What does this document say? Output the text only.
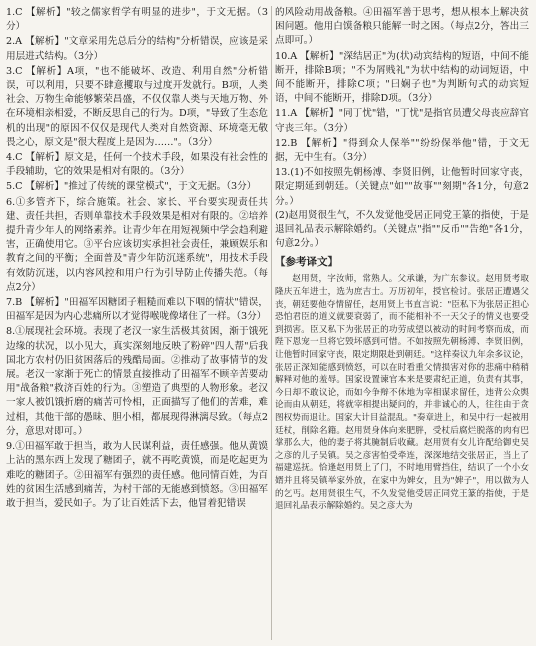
1.C 【解析】"较之儒家哲学有明显的进步"，于文无据。（3分）

2.A 【解析】"文章采用先总后分的结构"分析错误，应该是采用层进式结构。（3分）

3.C 【解析】A项，"也不能破坏、改造、利用自然"分析错误，可以利用，只要不肆意攫取与过度开发就行。B项，人类社会、万物生命能够繁荣昌盛，不仅仅靠人类与天地万物、外在环境相亲相爱，不断反思自己的行为。D项，"导致了生态危机的出现"的原因不仅仅是现代人类对自然资源、环境毫无敬畏之心，原文是"很大程度上是因为……"。（3分）

4.C 【解析】原文是，任何一个技术手段，如果没有社会性的手段辅助，它的效果是相对有限的。（3分）

5.C 【解析】"推过了传统的课堂模式"，于文无据。（3分）

6.①多管齐下，综合施策。社会、家长、平台要实现责任共建、责任共担，否则单靠技术手段效果是相对有限的。②培养提升青少年人的网络素养。让青少年在用短视频中学会趋利避害，正确使用它。③平台应该切实承担社会责任，兼顾娱乐和教育之间的平衡；全面普及"青少年防沉迷系统"，用技术手段有效防沉迷，以内容风控和用户行为引导防止传播失范。（每点2分）

7.B 【解析】"田福军因糖团子粗糙而难以下咽的情状"错误，田福军是因为内心悲痛所以才觉得喉咙像堵住了一样。（3分）

8.①展现社会环境。表现了老汉一家生活极其贫困，渐于饿死边缘的状况，以小见大，真实深刻地反映了粉碎"四人帮"后我国北方农村仍旧贫困落后的残酷局面。②推动了故事情节的发展。老汉一家渐于死亡的情景直接推动了田福军不顾辛苦要动用"战备粮"救济百姓的行为。③塑造了典型的人物形象。老汉一家人被饥饿折磨的痛苦可怜相，正面描写了他们的苦难，难过相，其他干部的愚昧、胆小相，都展现得淋漓尽致。（每点2分，意思对即可。）

9.①田福军敢于担当，敢为人民谋利益，责任感强。他从黄馍上沾的黑东西上发现了糖团子，就不再吃黄馍，而是吃起更为难吃的糖团子。②田福军有强烈的责任感。他同情百姓，为百姓的贫困生活感到痛苦，为村干部的无能感到愤怒。③田福军敢于担当，爱民如子。为了让百姓活下去，他冒着犯错误

的风险动用战备粮。④田福军善于思考，想从根本上解决贫困问题。他用白馍备粮只能解一时之困。（每点2分，答出三点即可。）

10.A 【解析】"深结居正"为(状)动宾结构的短语，中间不能断开，排除B项；"不为屑贱礼"为状中结构的动词短语，中间不能断开，排除C项；"曰娴子也"为判断句式的动宾短语，中间不能断开，排除D项。（3分）

11.A 【解析】"同丁忧"错，"丁忧"是指官员遭父母丧应辞官守丧三年。（3分）

12.B 【解析】"得到众人保举""纷纷保举他"错，于文无据，无中生有。（3分）

13.(1)不如按照先朝杨溥、李贤旧例，让他暂时回家守丧，限定期延到朝廷。（关键点"如""故事""刻期"各1分，句意2分。）

(2)赵用贤很生气，不久发觉他受居正同党王篆的指使，于是退回礼品表示解除婚约。（关键点"指""反币""告绝"各1分，句意2分。）

【参考译文】

赵用贤，字汝师，常熟人。父承谦，为广东参议。赵用贤考取隆庆五年进士，选为庶吉士。万历初年，授官检讨。张居正遭遇父丧，朝廷要他夺情留任，赵用贤上书直言说："臣私下为张居正担心恐怕君臣的道义就要衰弱了，而不能相补不一天父子的情义也要受到损害。臣又私下为张居正的功劳成望以被动的时间考察而成，而陛下恩宠一旦将它毁坏感到可惜。不如按照先朝杨溥、李贤旧例，让他暂时回家守丧，限定期限赴到朝廷。"这样奏议九年余多议论，张居正深知能感到愤怒，可以在时看重父情损害对你的悲痛中稍稍解释对他的羞辱。国家设置谏官本来是要肃纪正道，负责有其事，今日却不敢议论，而如今争辩不休地为宰相谋求留任，违背公众舆论而由从朝廷，将就宰相提出疑问的，并非诚心的人，往往由于贪图权势而退让。国家大计目益混乱。"奏章进上，和吴中行一起被用廷杖，削除名籍。赵用贤身体向来肥胖，受杖后腐烂脱落的肉有巴掌那么大，他的妻子将其腌制后收藏。赵用贤有女儿许配给御史吴之彦的儿子吴镇。吴之彦害怕受牵连，深深地结交张居正，当上了福建巡抚。恰逢赵用贤上了门，不时地用臂挡住，结识了一个小女婿并且将吴镇举家外放，在家中为婢女，且为"婢子"，用以做为人的乞丐。赵用贤很生气，不久发觉他受居正同党王篆的指使，于是退回礼品表示解除婚约。吴之彦大为
